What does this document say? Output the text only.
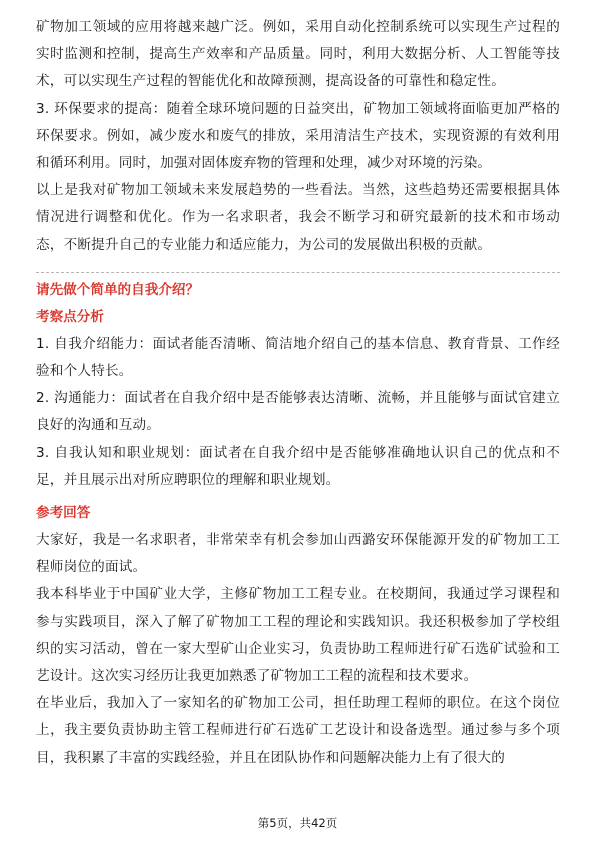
矿物加工领域的应用将越来越广泛。例如，采用自动化控制系统可以实现生产过程的实时监测和控制，提高生产效率和产品质量。同时，利用大数据分析、人工智能等技术，可以实现生产过程的智能优化和故障预测，提高设备的可靠性和稳定性。

3. 环保要求的提高：随着全球环境问题的日益突出，矿物加工领域将面临更加严格的环保要求。例如，减少废水和废气的排放，采用清洁生产技术，实现资源的有效利用和循环利用。同时，加强对固体废弃物的管理和处理，减少对环境的污染。

以上是我对矿物加工领域未来发展趋势的一些看法。当然，这些趋势还需要根据具体情况进行调整和优化。作为一名求职者，我会不断学习和研究最新的技术和市场动态，不断提升自己的专业能力和适应能力，为公司的发展做出积极的贡献。

请先做个简单的自我介绍？

考察点分析

1. 自我介绍能力：面试者能否清晰、简洁地介绍自己的基本信息、教育背景、工作经验和个人特长。

2. 沟通能力：面试者在自我介绍中是否能够表达清晰、流畅，并且能够与面试官建立良好的沟通和互动。

3. 自我认知和职业规划：面试者在自我介绍中是否能够准确地认识自己的优点和不足，并且展示出对所应聘职位的理解和职业规划。

参考回答

大家好，我是一名求职者，非常荣幸有机会参加山西潞安环保能源开发的矿物加工工程师岗位的面试。

我本科毕业于中国矿业大学，主修矿物加工工程专业。在校期间，我通过学习课程和参与实践项目，深入了解了矿物加工工程的理论和实践知识。我还积极参加了学校组织的实习活动，曾在一家大型矿山企业实习，负责协助工程师进行矿石选矿试验和工艺设计。这次实习经历让我更加熟悉了矿物加工工程的流程和技术要求。

在毕业后，我加入了一家知名的矿物加工公司，担任助理工程师的职位。在这个岗位上，我主要负责协助主管工程师进行矿石选矿工艺设计和设备选型。通过参与多个项目，我积累了丰富的实践经验，并且在团队协作和问题解决能力上有了很大的

第5页，共42页
